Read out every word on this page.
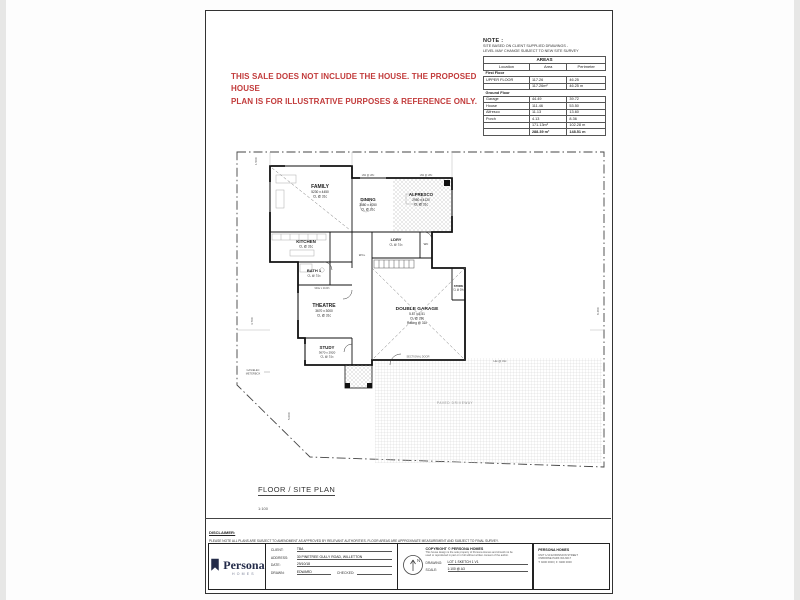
THIS SALE DOES NOT INCLUDE THE HOUSE. THE PROPOSED HOUSE
PLAN IS FOR ILLUSTRATIVE PURPOSES & REFERENCE ONLY.
NOTE :
SITE BASED ON CLIENT SUPPLIED DRAWINGS -
LEVEL MAY CHANGE SUBJECT TO NEW SITE SURVEY
AREAS		
Location	Area	Perimeter
First Floor		
UPPER FLOOR	117.26	46.25
	117.26m²	46.25 m
Ground Floor		
Garage	44.49	39.72
House	111.46	53.50
Alfresco	11.13	13.60
Porch	4.13	8.36
	171.13m²	102.28 m
	288.39 m²	148.51 m
PAVED DRIVEWAY
FAMILY
5230 x 4450
CL @ 31c
DINING
3580 x 4050
CL @ 31c
ALFRESCO
2950 x 4120
CL @ 31c
KITCHEN
CL @ 31c
LDRY
CL @ 31c
BATH 1
CL @ 31c
THEATRE
3670 x 3000
CL @ 31c
STUDY
3670 x 2920
CL @ 31c
DOUBLE GARAGE
5.87 x 5.51
CL @ 28c
Raking @ 31c
STORE
CL @ 28c
W.I.L
WC
SECTIONAL DOOR
GAS/ELEC
METERBOX
HW @ 28c	HW @ 28c
Hw @ 31c
900w x 2100h
1.500
4.700
5.000
8.480
FLOOR / SITE PLAN
1:100
DISCLAIMER:
PLEASE NOTE ALL PLANS ARE SUBJECT TO AMENDMENT AS APPROVED BY RELEVANT AUTHORITIES. FLOOR AREAS ARE APPROXIMATE MEASUREMENT AND SUBJECT TO FINAL SURVEY.
Persona
HOMES
CLIENT:	TBA
ADDRESS:	30 PINETREE GULLY ROAD, WILLETTON
DATE:	29/10/18
DRAWN:	EDWARD	CHECKED:
N
COPYRIGHT © PERSONA HOMES
This house design is the sole property of Persona Homes and should not be
used or reproduced in part or in full without written consent of the author.
DRAWING:	LOT 1 SKETCH 1 V1
SCALE:	1:100 @ A3
PERSONA HOMES
UNIT 1/10 EXPANSION STREET
OSBORNE PARK WA 6017
T: 9200 0000 | F: 9200 0000
